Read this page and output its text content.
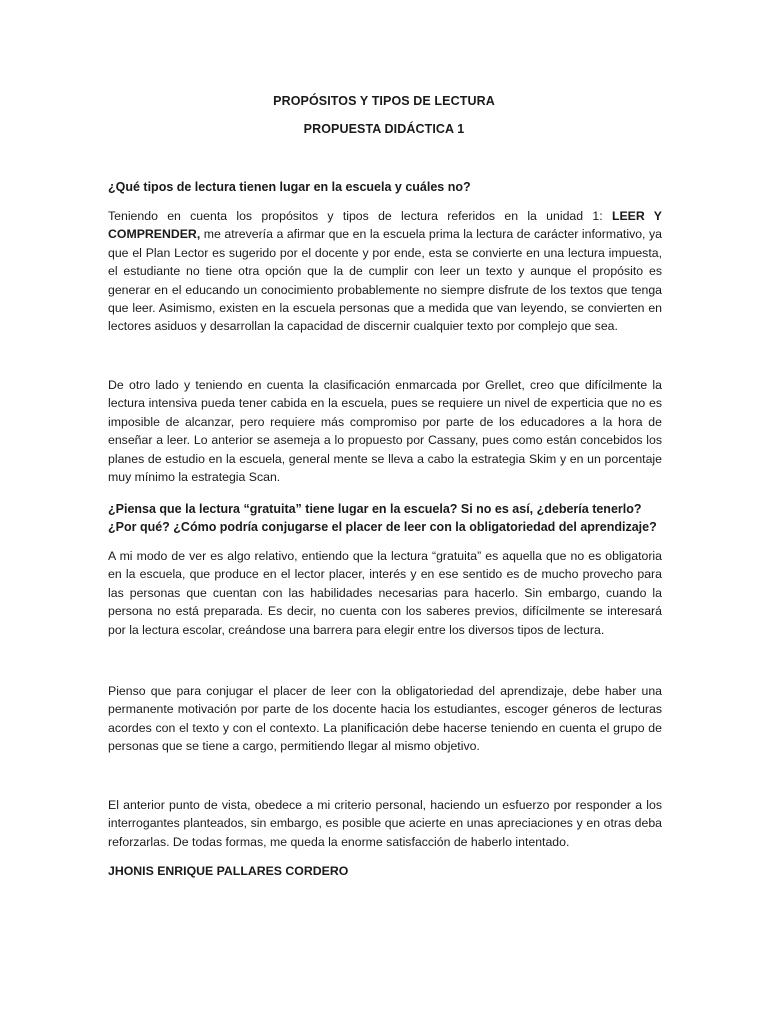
PROPÓSITOS Y TIPOS DE LECTURA
PROPUESTA DIDÁCTICA 1
¿Qué tipos de lectura tienen lugar en la escuela y cuáles no?

Teniendo en cuenta los propósitos y tipos de lectura referidos en la unidad 1: LEER Y COMPRENDER, me atrevería a afirmar que en la escuela prima la lectura de carácter informativo, ya que el Plan Lector es sugerido por el docente y por ende, esta se convierte en una lectura impuesta, el estudiante no tiene otra opción que la de cumplir con leer un texto y aunque el propósito es generar en el educando un conocimiento probablemente no siempre disfrute de los textos que tenga que leer. Asimismo, existen en la escuela personas que a medida que van leyendo, se convierten en lectores asiduos y desarrollan la capacidad de discernir cualquier texto por complejo que sea.

De otro lado y teniendo en cuenta la clasificación enmarcada por Grellet, creo que difícilmente la lectura intensiva pueda tener cabida en la escuela, pues se requiere un nivel de experticia que no es imposible de alcanzar, pero requiere más compromiso por parte de los educadores a la hora de enseñar a leer. Lo anterior se asemeja a lo propuesto por Cassany, pues como están concebidos los planes de estudio en la escuela, general mente se lleva a cabo la estrategia Skim y en un porcentaje muy mínimo la estrategia Scan.

¿Piensa que la lectura “gratuita” tiene lugar en la escuela? Si no es así, ¿debería tenerlo? ¿Por qué? ¿Cómo podría conjugarse el placer de leer con la obligatoriedad del aprendizaje?

A mi modo de ver es algo relativo, entiendo que la lectura “gratuita” es aquella que no es obligatoria en la escuela, que produce en el lector placer, interés y en ese sentido es de mucho provecho para las personas que cuentan con las habilidades necesarias para hacerlo. Sin embargo, cuando la persona no está preparada. Es decir, no cuenta con los saberes previos, difícilmente se interesará por la lectura escolar, creándose una barrera para elegir entre los diversos tipos de lectura.

Pienso que para conjugar el placer de leer con la obligatoriedad del aprendizaje, debe haber una permanente motivación por parte de los docente hacia los estudiantes, escoger géneros de lecturas acordes con el texto y con el contexto. La planificación debe hacerse teniendo en cuenta el grupo de personas que se tiene a cargo, permitiendo llegar al mismo objetivo.

El anterior punto de vista, obedece a mi criterio personal, haciendo un esfuerzo por responder a los interrogantes planteados, sin embargo, es posible que acierte en unas apreciaciones y en otras deba reforzarlas. De todas formas, me queda la enorme satisfacción de haberlo intentado.

JHONIS ENRIQUE PALLARES CORDERO
